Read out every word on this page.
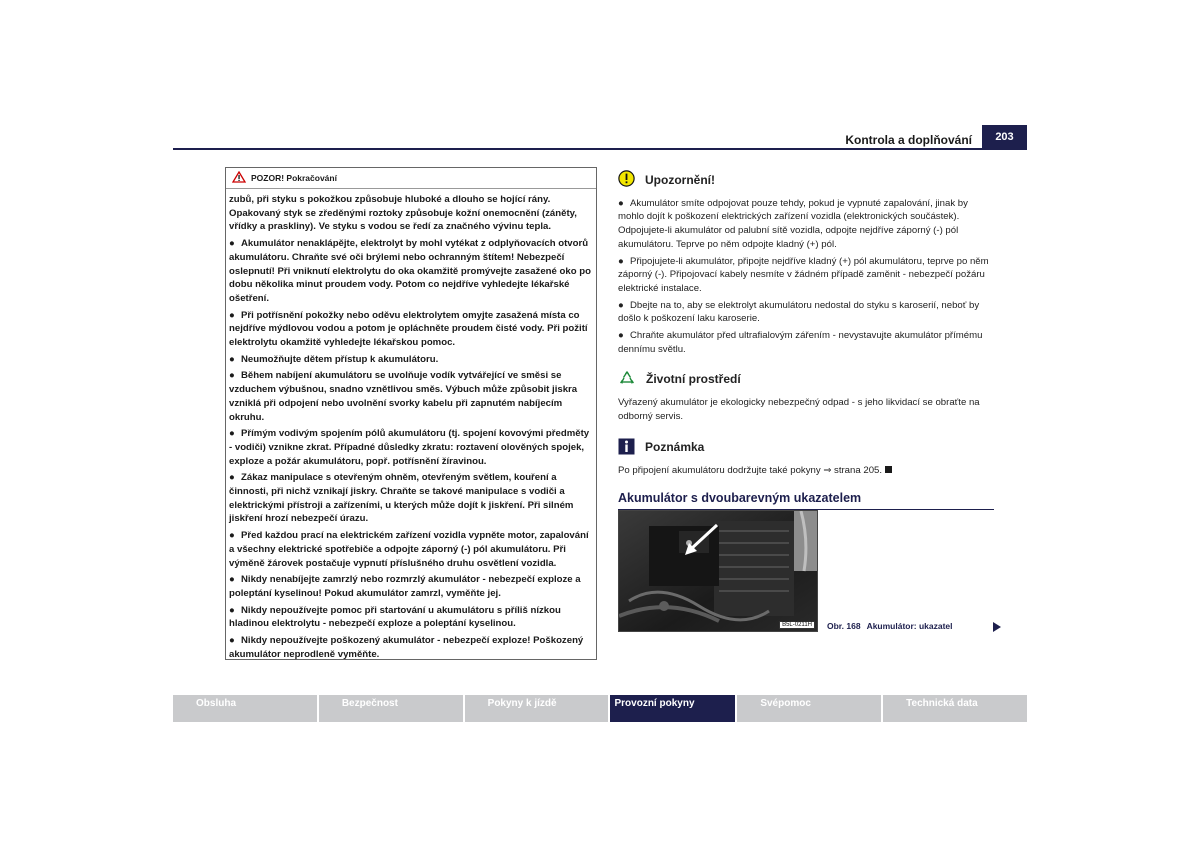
Kontrola a doplňování	203
POZOR! Pokračování

zubů, při styku s pokožkou způsobuje hluboké a dlouho se hojící rány. Opakovaný styk se zředěnými roztoky způsobuje kožní onemocnění (záněty, vřídky a praskliny). Ve styku s vodou se ředí za značného vývinu tepla.

● Akumulátor nenaklápějte, elektrolyt by mohl vytékat z odplyňovacích otvorů akumulátoru. Chraňte své oči brýlemi nebo ochranným štítem! Nebezpečí oslepnutí! Při vniknutí elektrolytu do oka okamžitě promývejte zasažené oko po dobu několika minut proudem vody. Potom co nejdříve vyhledejte lékařské ošetření.

● Při potřísnění pokožky nebo oděvu elektrolytem omyjte zasažená místa co nejdříve mýdlovou vodou a potom je opláchněte proudem čisté vody. Při požití elektrolytu okamžitě vyhledejte lékařskou pomoc.

● Neumožňujte dětem přístup k akumulátoru.

● Během nabíjení akumulátoru se uvolňuje vodík vytvářející ve směsi se vzduchem výbušnou, snadno vznětlivou směs. Výbuch může způsobit jiskra vzniklá při odpojení nebo uvolnění svorky kabelu při zapnutém nabíjecím okruhu.

● Přímým vodivým spojením pólů akumulátoru (tj. spojení kovovými předměty - vodiči) vznikne zkrat. Případné důsledky zkratu: roztavení olověných spojek, exploze a požár akumulátoru, popř. potřísnění žíravinou.

● Zákaz manipulace s otevřeným ohněm, otevřeným světlem, kouření a činnosti, při nichž vznikají jiskry. Chraňte se takové manipulace s vodiči a elektrickými přístroji a zařízeními, u kterých může dojít k jiskření. Při silném jiskření hrozí nebezpečí úrazu.

● Před každou prací na elektrickém zařízení vozidla vypněte motor, zapalování a všechny elektrické spotřebiče a odpojte záporný (-) pól akumulátoru. Při výměně žárovek postačuje vypnutí příslušného druhu osvětlení vozidla.

● Nikdy nenabíjejte zamrzlý nebo rozmrzlý akumulátor - nebezpečí exploze a poleptání kyselinou! Pokud akumulátor zamrzl, vyměňte jej.

● Nikdy nepoužívejte pomoc při startování u akumulátoru s příliš nízkou hladinou elektrolytu - nebezpečí exploze a poleptání kyselinou.

● Nikdy nepoužívejte poškozený akumulátor - nebezpečí exploze! Poškozený akumulátor neprodleně vyměňte.

Upozornění!

● Akumulátor smíte odpojovat pouze tehdy, pokud je vypnuté zapalování, jinak by mohlo dojít k poškození elektrických zařízení vozidla (elektronických součástek). Odpojujete-li akumulátor od palubní sítě vozidla, odpojte nejdříve záporný (-) pól akumulátoru. Teprve po něm odpojte kladný (+) pól.

● Připojujete-li akumulátor, připojte nejdříve kladný (+) pól akumulátoru, teprve po něm záporný (-). Připojovací kabely nesmíte v žádném případě zaměnit - nebezpečí požáru elektrické instalace.

● Dbejte na to, aby se elektrolyt akumulátoru nedostal do styku s karoserií, neboť by došlo k poškození laku karoserie.

● Chraňte akumulátor před ultrafialovým zářením - nevystavujte akumulátor přímému dennímu světlu.

Životní prostředí

Vyřazený akumulátor je ekologicky nebezpečný odpad - s jeho likvidací se obraťte na odborný servis.

Poznámka

Po připojení akumulátoru dodržujte také pokyny ⇒ strana 205.

Akumulátor s dvoubarevným ukazatelem
B5L-0211H	Obr. 168 Akumulátor: ukazatel
Obsluha	Bezpečnost	Pokyny k jízdě	Provozní pokyny	Svépomoc	Technická data
